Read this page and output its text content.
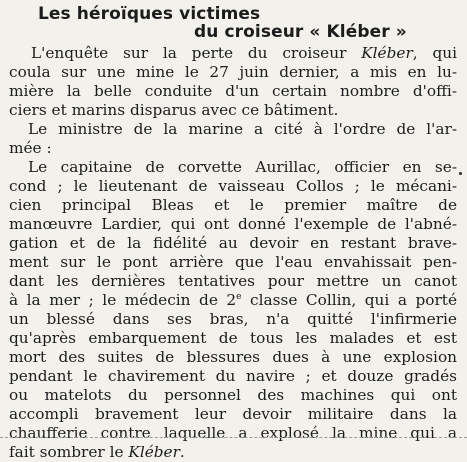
Les héroïques victimes
du croiseur « Kléber »
L'enquête sur la perte du croiseur Kléber, qui
coula sur une mine le 27 juin dernier, a mis en lu-
mière la belle conduite d'un certain nombre d'offi-
ciers et marins disparus avec ce bâtiment.
Le ministre de la marine a cité à l'ordre de l'ar-
mée :
Le capitaine de corvette Aurillac, officier en se-
cond ; le lieutenant de vaisseau Collos ; le mécani-
cien principal Bleas et le premier maître de
manœuvre Lardier, qui ont donné l'exemple de l'abné-
gation et de la fidélité au devoir en restant brave-
ment sur le pont arrière que l'eau envahissait pen-
dant les dernières tentatives pour mettre un canot
à la mer ; le médecin de 2e classe Collin, qui a porté
un blessé dans ses bras, n'a quitté l'infirmerie
qu'après embarquement de tous les malades et est
mort des suites de blessures dues à une explosion
pendant le chavirement du navire ; et douze gradés
ou matelots du personnel des machines qui ont
accompli bravement leur devoir militaire dans la
chaufferie contre laquelle a explosé la mine qui a
fait sombrer le Kléber.
